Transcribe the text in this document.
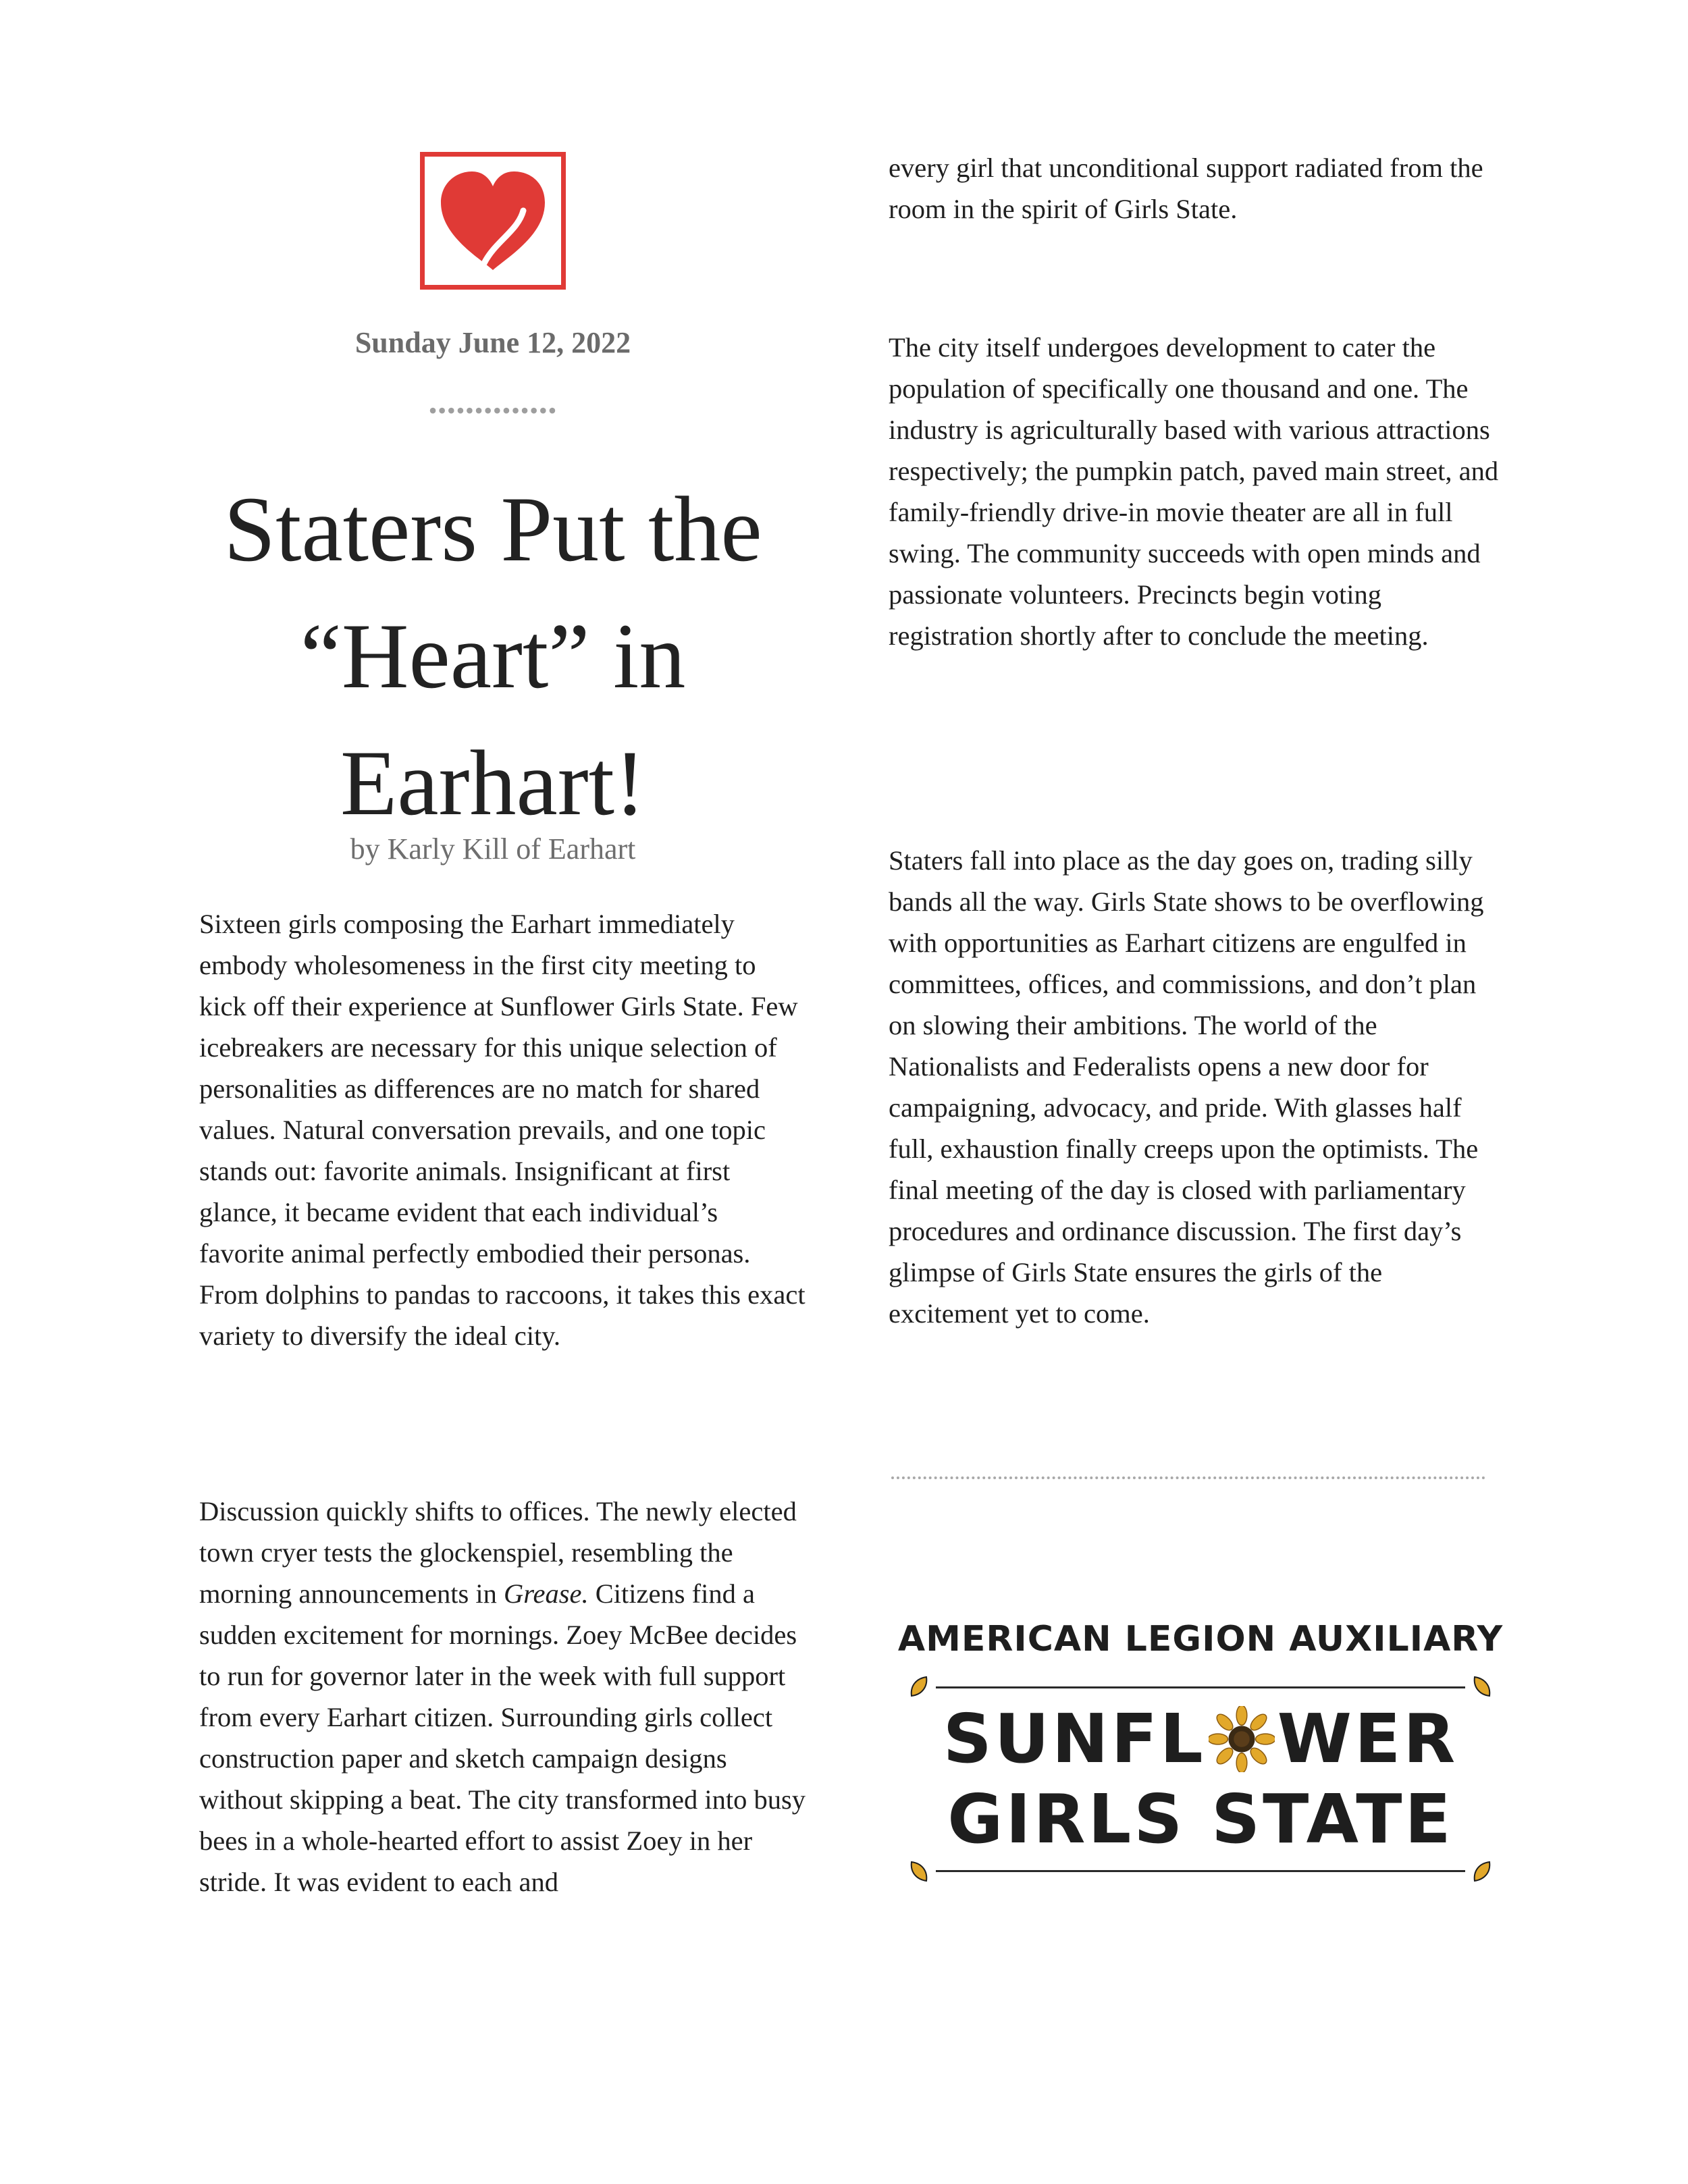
Sunday June 12, 2022
••••••••••••••
Staters Put the
“Heart” in
Earhart!
by Karly Kill of Earhart

Sixteen girls composing the Earhart immediately embody wholesomeness in the first city meeting to kick off their experience at Sunflower Girls State. Few icebreakers are necessary for this unique selection of personalities as differences are no match for shared values. Natural conversation prevails, and one topic stands out: favorite animals. Insignificant at first glance, it became evident that each individual’s favorite animal perfectly embodied their personas. From dolphins to pandas to raccoons, it takes this exact variety to diversify the ideal city.

Discussion quickly shifts to offices. The newly elected town cryer tests the glockenspiel, resembling the morning announcements in Grease. Citizens find a sudden excitement for mornings. Zoey McBee decides to run for governor later in the week with full support from every Earhart citizen. Surrounding girls collect construction paper and sketch campaign designs without skipping a beat. The city transformed into busy bees in a whole-hearted effort to assist Zoey in her stride. It was evident to each and

every girl that unconditional support radiated from the room in the spirit of Girls State.

The city itself undergoes development to cater the population of specifically one thousand and one. The industry is agriculturally based with various attractions respectively; the pumpkin patch, paved main street, and family-friendly drive-in movie theater are all in full swing. The community succeeds with open minds and passionate volunteers. Precincts begin voting registration shortly after to conclude the meeting.

Staters fall into place as the day goes on, trading silly bands all the way. Girls State shows to be overflowing with opportunities as Earhart citizens are engulfed in committees, offices, and commissions, and don’t plan on slowing their ambitions. The world of the Nationalists and Federalists opens a new door for campaigning, advocacy, and pride. With glasses half full, exhaustion finally creeps upon the optimists. The final meeting of the day is closed with parliamentary procedures and ordinance discussion. The first day’s glimpse of Girls State ensures the girls of the excitement yet to come.

AMERICAN LEGION AUXILIARY
SUNFL WER
GIRLS STATE
